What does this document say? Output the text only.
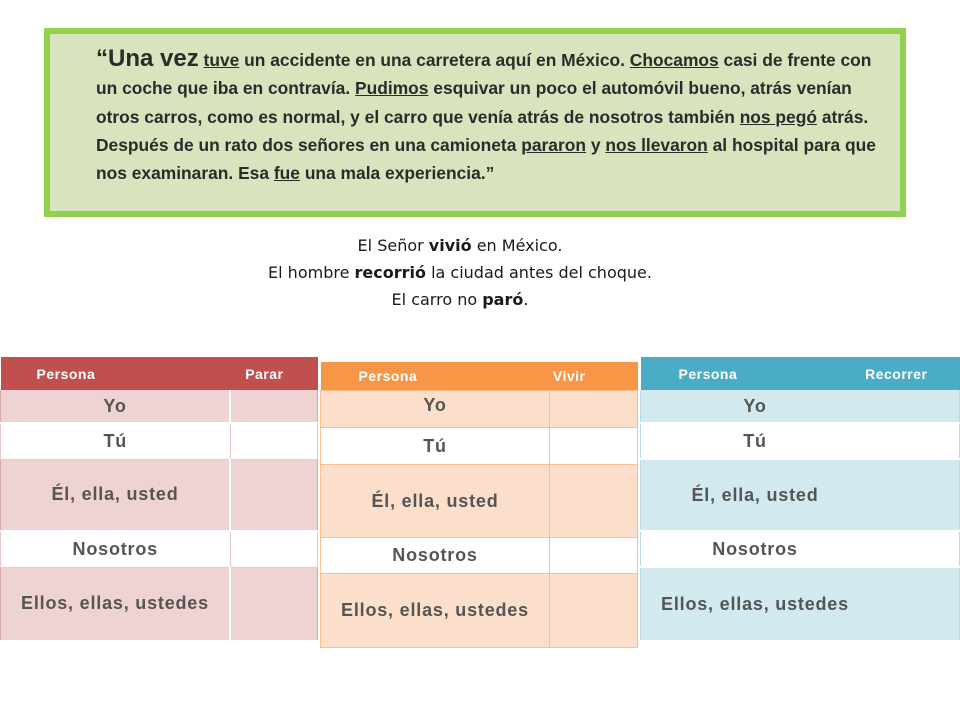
“Una vez tuve un accidente en una carretera aquí en México. Chocamos casi de frente con un coche que iba en contravía. Pudimos esquivar un poco el automóvil bueno, atrás venían otros carros, como es normal, y el carro que venía atrás de nosotros también nos pegó atrás. Después de un rato dos señores en una camioneta pararon y nos llevaron al hospital para que nos examinaran. Esa fue una mala experiencia.”
El Señor vivió en México.
El hombre recorrió la ciudad antes del choque.
El carro no paró.
Persona Parar	

Yo	
Tú	
Él, ella, usted	
Nosotros	
Ellos, ellas, ustedes	
Persona Vivir	

Yo	
Tú	
Él, ella, usted	
Nosotros	
Ellos, ellas, ustedes	
Persona Recorrer	

Yo	
Tú	
Él, ella, usted	
Nosotros	
Ellos, ellas, ustedes	
